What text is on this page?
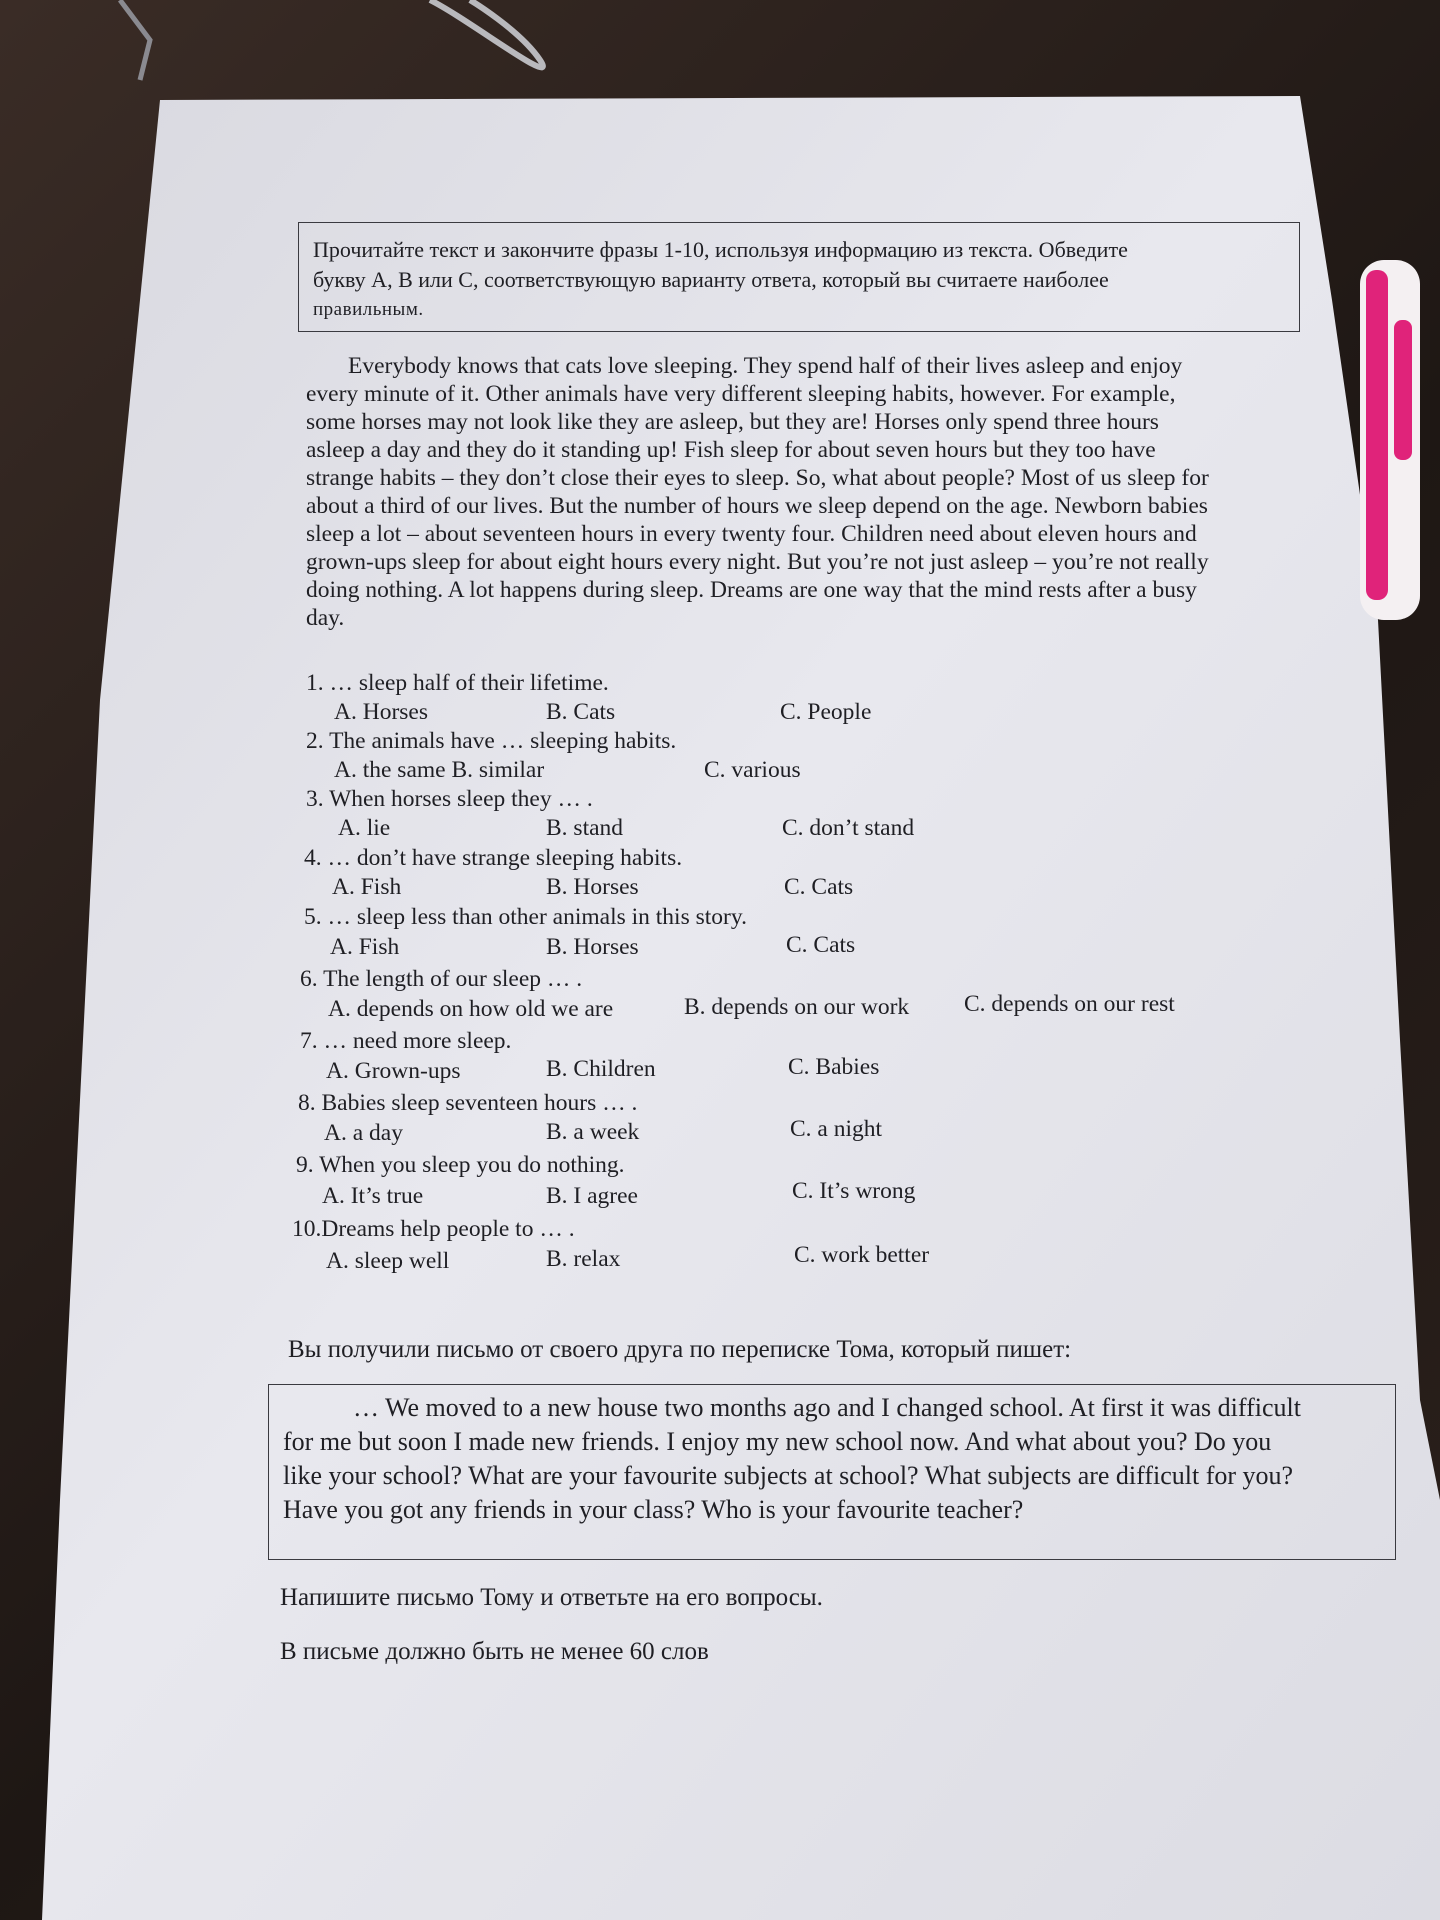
Прочитайте текст и закончите фразы 1-10, используя информацию из текста. Обведите
букву A, B или C, соответствующую варианту ответа, который вы считаете наиболее
правильным.
Everybody knows that cats love sleeping. They spend half of their lives asleep and enjoy
every minute of it. Other animals have very different sleeping habits, however. For example,
some horses may not look like they are asleep, but they are! Horses only spend three hours
asleep a day and they do it standing up! Fish sleep for about seven hours but they too have
strange habits – they don’t close their eyes to sleep. So, what about people? Most of us sleep for
about a third of our lives. But the number of hours we sleep depend on the age. Newborn babies
sleep a lot – about seventeen hours in every twenty four. Children need about eleven hours and
grown-ups sleep for about eight hours every night. But you’re not just asleep – you’re not really
doing nothing. A lot happens during sleep. Dreams are one way that the mind rests after a busy
day.
1. … sleep half of their lifetime.
A. Horses	B. Cats	C. People
2. The animals have … sleeping habits.
A. the same B. similar	C. various
3. When horses sleep they … .
A. lie	B. stand	C. don’t stand
4. … don’t have strange sleeping habits.
A. Fish	B. Horses	C. Cats
5. … sleep less than other animals in this story.
A. Fish	B. Horses	C. Cats
6. The length of our sleep … .
A. depends on how old we are	B. depends on our work C. depends on our rest
7. … need more sleep.
A. Grown-ups	B. Children	C. Babies
8. Babies sleep seventeen hours … .
A. a day	B. a week	C. a night
9. When you sleep you do nothing.
A. It’s true	B. I agree	C. It’s wrong
10.Dreams help people to … .
A. sleep well	B. relax	C. work better
Вы получили письмо от своего друга по переписке Тома, который пишет:
… We moved to a new house two months ago and I changed school. At first it was difficult
for me but soon I made new friends. I enjoy my new school now. And what about you? Do you
like your school? What are your favourite subjects at school? What subjects are difficult for you?
Have you got any friends in your class? Who is your favourite teacher?
Напишите письмо Тому и ответьте на его вопросы.
В письме должно быть не менее 60 слов
